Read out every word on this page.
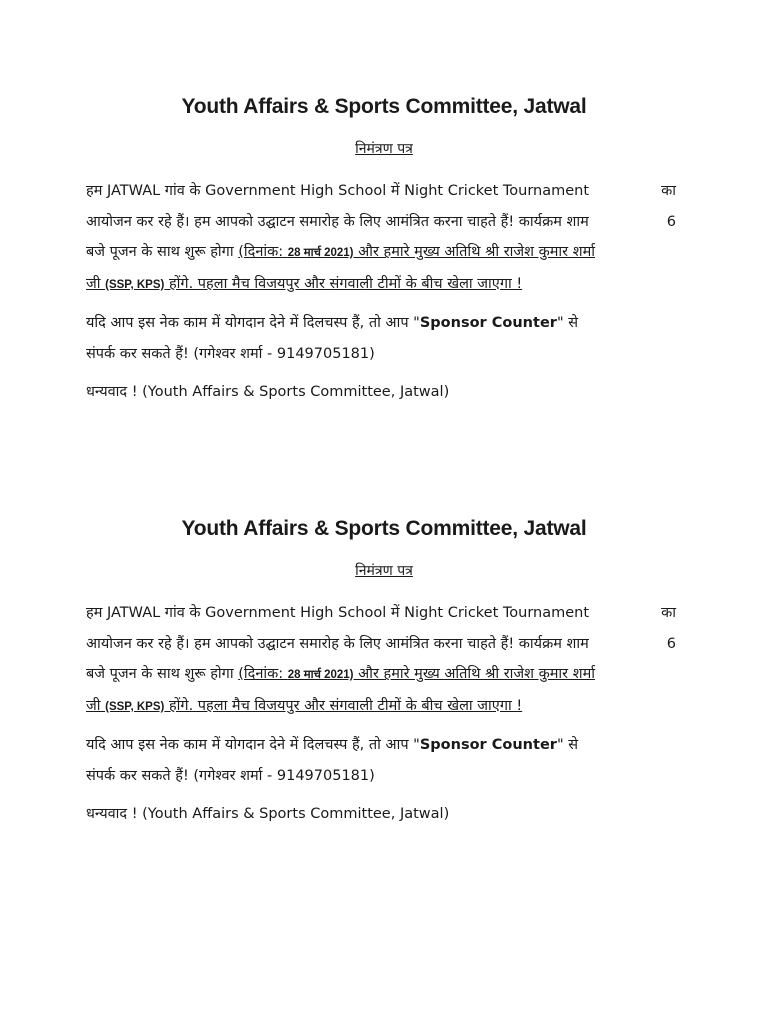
Youth Affairs & Sports Committee, Jatwal
निमंत्रण पत्र
हम JATWAL गांव के Government High School में Night Cricket Tournament	का
आयोजन कर रहे हैं। हम आपको उद्घाटन समारोह के लिए आमंत्रित करना चाहते हैं! कार्यक्रम शाम	6
बजे पूजन के साथ शुरू होगा (दिनांक: 28 मार्च 2021) और हमारे मुख्य अतिथि श्री राजेश कुमार शर्मा
जी (SSP, KPS) होंगे. पहला मैच विजयपुर और संगवाली टीमों के बीच खेला जाएगा !
यदि आप इस नेक काम में योगदान देने में दिलचस्प हैं, तो आप "Sponsor Counter" से
संपर्क कर सकते हैं! (गगेश्वर शर्मा - 9149705181)
धन्यवाद ! (Youth Affairs & Sports Committee, Jatwal)
Youth Affairs & Sports Committee, Jatwal
निमंत्रण पत्र
हम JATWAL गांव के Government High School में Night Cricket Tournament	का
आयोजन कर रहे हैं। हम आपको उद्घाटन समारोह के लिए आमंत्रित करना चाहते हैं! कार्यक्रम शाम	6
बजे पूजन के साथ शुरू होगा (दिनांक: 28 मार्च 2021) और हमारे मुख्य अतिथि श्री राजेश कुमार शर्मा
जी (SSP, KPS) होंगे. पहला मैच विजयपुर और संगवाली टीमों के बीच खेला जाएगा !
यदि आप इस नेक काम में योगदान देने में दिलचस्प हैं, तो आप "Sponsor Counter" से
संपर्क कर सकते हैं! (गगेश्वर शर्मा - 9149705181)
धन्यवाद ! (Youth Affairs & Sports Committee, Jatwal)
